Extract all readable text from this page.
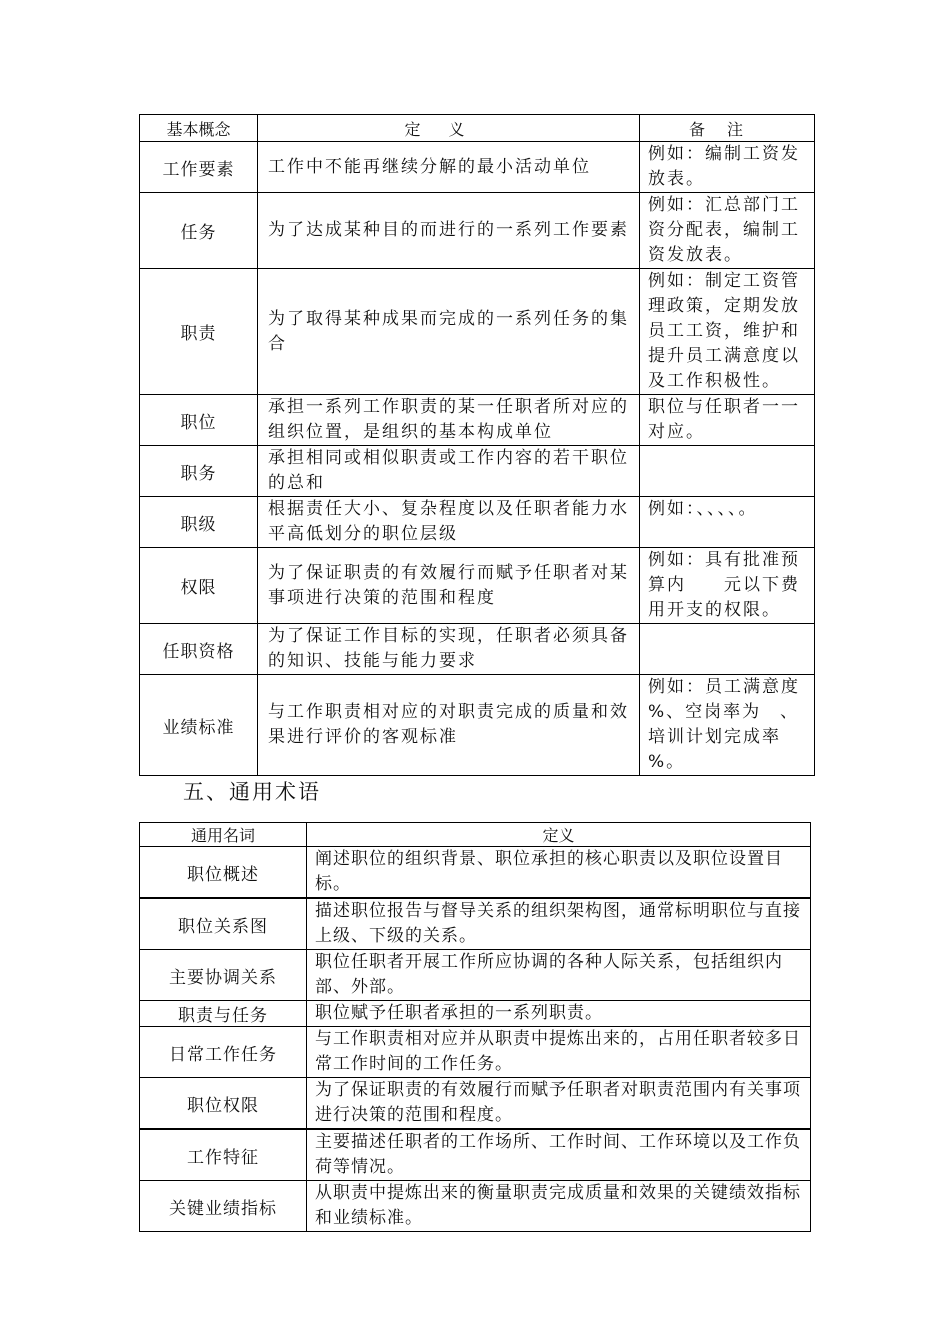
基本概念	定义	备注
工作要素	工作中不能再继续分解的最小活动单位	例如：编制工资发放表。
任务	为了达成某种目的而进行的一系列工作要素	例如：汇总部门工资分配表，编制工资发放表。
职责	为了取得某种成果而完成的一系列任务的集合	例如：制定工资管理政策，定期发放员工工资，维护和提升员工满意度以及工作积极性。
职位	承担一系列工作职责的某一任职者所对应的组织位置，是组织的基本构成单位	职位与任职者一一对应。
职务	承担相同或相似职责或工作内容的若干职位的总和	
职级	根据责任大小、复杂程度以及任职者能力水平高低划分的职位层级	例如：、、、、。
权限	为了保证职责的有效履行而赋予任职者对某事项进行决策的范围和程度	例如：具有批准预算内　　元以下费用开支的权限。
任职资格	为了保证工作目标的实现，任职者必须具备的知识、技能与能力要求	
业绩标准	与工作职责相对应的对职责完成的质量和效果进行评价的客观标准	例如：员工满意度　%、空岗率为　、培训计划完成率　%。
五、通用术语
通用名词	定义
职位概述	阐述职位的组织背景、职位承担的核心职责以及职位设置目标。
职位关系图	描述职位报告与督导关系的组织架构图，通常标明职位与直接上级、下级的关系。
主要协调关系	职位任职者开展工作所应协调的各种人际关系，包括组织内部、外部。
职责与任务	职位赋予任职者承担的一系列职责。
日常工作任务	与工作职责相对应并从职责中提炼出来的，占用任职者较多日常工作时间的工作任务。
职位权限	为了保证职责的有效履行而赋予任职者对职责范围内有关事项进行决策的范围和程度。
工作特征	主要描述任职者的工作场所、工作时间、工作环境以及工作负荷等情况。
关键业绩指标	从职责中提炼出来的衡量职责完成质量和效果的关键绩效指标和业绩标准。
